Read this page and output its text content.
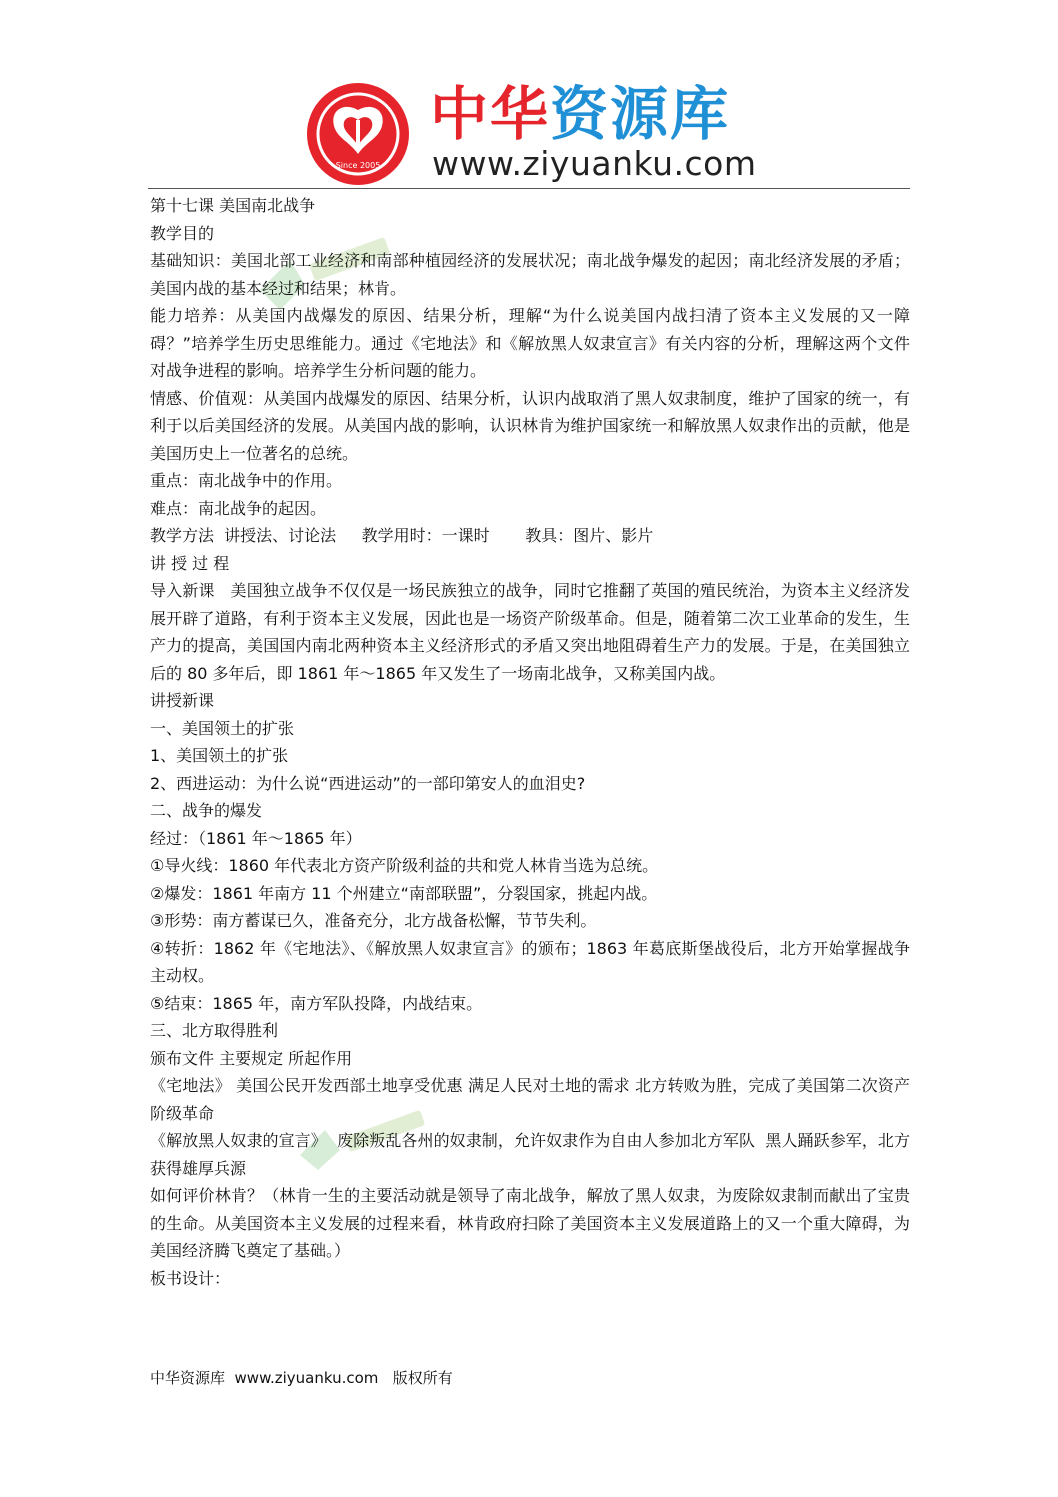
Since 2005
中华资源库
www.ziyuanku.com

第十七课 美国南北战争

教学目的

基础知识：美国北部工业经济和南部种植园经济的发展状况；南北战争爆发的起因；南北经济发展的矛盾；美国内战的基本经过和结果；林肯。

能力培养：从美国内战爆发的原因、结果分析，理解“为什么说美国内战扫清了资本主义发展的又一障碍？”培养学生历史思维能力。通过《宅地法》和《解放黑人奴隶宣言》有关内容的分析，理解这两个文件对战争进程的影响。培养学生分析问题的能力。

情感、价值观：从美国内战爆发的原因、结果分析，认识内战取消了黑人奴隶制度，维护了国家的统一，有利于以后美国经济的发展。从美国内战的影响，认识林肯为维护国家统一和解放黑人奴隶作出的贡献，他是美国历史上一位著名的总统。

重点：南北战争中的作用。

难点：南北战争的起因。

教学方法  讲授法、讨论法     教学用时：一课时       教具：图片、影片

讲 授 过 程

导入新课   美国独立战争不仅仅是一场民族独立的战争，同时它推翻了英国的殖民统治，为资本主义经济发展开辟了道路，有利于资本主义发展，因此也是一场资产阶级革命。但是，随着第二次工业革命的发生，生产力的提高，美国国内南北两种资本主义经济形式的矛盾又突出地阻碍着生产力的发展。于是，在美国独立后的 80 多年后，即 1861 年～1865 年又发生了一场南北战争，又称美国内战。

讲授新课

一、美国领土的扩张

1、美国领土的扩张

2、西进运动：为什么说“西进运动”的一部印第安人的血泪史?

二、战争的爆发

经过：（1861 年～1865 年）

①导火线：1860 年代表北方资产阶级利益的共和党人林肯当选为总统。

②爆发：1861 年南方 11 个州建立“南部联盟”，分裂国家，挑起内战。

③形势：南方蓄谋已久，准备充分，北方战备松懈，节节失利。

④转折：1862 年《宅地法》、《解放黑人奴隶宣言》的颁布；1863 年葛底斯堡战役后，北方开始掌握战争主动权。

⑤结束：1865 年，南方军队投降，内战结束。

三、北方取得胜利

颁布文件 主要规定 所起作用

《宅地法》 美国公民开发西部土地享受优惠 满足人民对土地的需求 北方转败为胜，完成了美国第二次资产阶级革命

《解放黑人奴隶的宣言》  废除叛乱各州的奴隶制，允许奴隶作为自由人参加北方军队  黑人踊跃参军，北方获得雄厚兵源

如何评价林肯？（林肯一生的主要活动就是领导了南北战争，解放了黑人奴隶，为废除奴隶制而献出了宝贵的生命。从美国资本主义发展的过程来看，林肯政府扫除了美国资本主义发展道路上的又一个重大障碍，为美国经济腾飞奠定了基础。）

板书设计：

中华资源库  www.ziyuanku.com   版权所有
